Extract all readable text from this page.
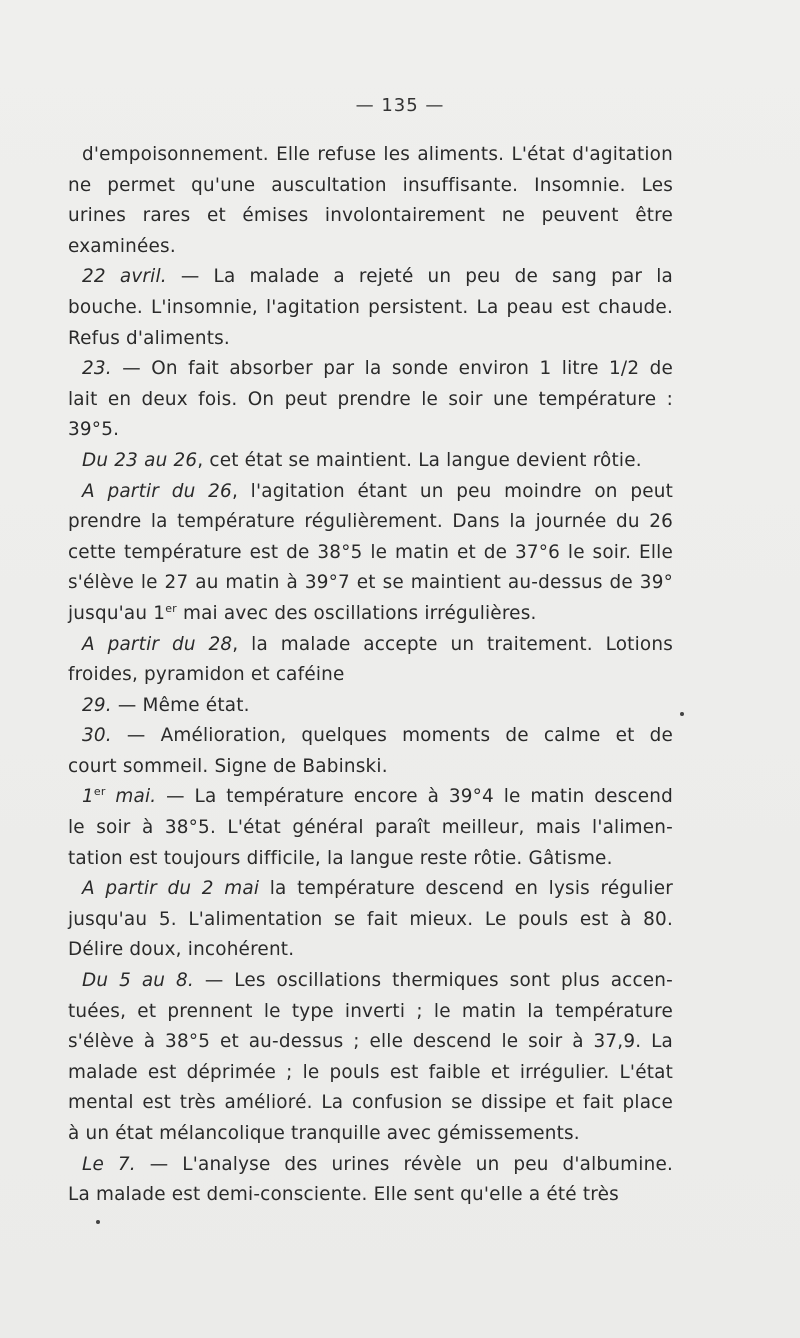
— 135 —
d'empoisonnement. Elle refuse les aliments. L'état d'agitation
ne permet qu'une auscultation insuffisante. Insomnie. Les
urines rares et émises involontairement ne peuvent être
examinées.
22 avril. — La malade a rejeté un peu de sang par la
bouche. L'insomnie, l'agitation persistent. La peau est chaude.
Refus d'aliments.
23. — On fait absorber par la sonde environ 1 litre 1/2 de
lait en deux fois. On peut prendre le soir une température :
39°5.
Du 23 au 26, cet état se maintient. La langue devient rôtie.
A partir du 26, l'agitation étant un peu moindre on peut
prendre la température régulièrement. Dans la journée du 26
cette température est de 38°5 le matin et de 37°6 le soir. Elle
s'élève le 27 au matin à 39°7 et se maintient au-dessus de 39°
jusqu'au 1er mai avec des oscillations irrégulières.
A partir du 28, la malade accepte un traitement. Lotions
froides, pyramidon et caféine
29. — Même état.
30. — Amélioration, quelques moments de calme et de
court sommeil. Signe de Babinski.
1er mai. — La température encore à 39°4 le matin descend
le soir à 38°5. L'état général paraît meilleur, mais l'alimen-
tation est toujours difficile, la langue reste rôtie. Gâtisme.
A partir du 2 mai la température descend en lysis régulier
jusqu'au 5. L'alimentation se fait mieux. Le pouls est à 80.
Délire doux, incohérent.
Du 5 au 8. — Les oscillations thermiques sont plus accen-
tuées, et prennent le type inverti ; le matin la température
s'élève à 38°5 et au-dessus ; elle descend le soir à 37,9. La
malade est déprimée ; le pouls est faible et irrégulier. L'état
mental est très amélioré. La confusion se dissipe et fait place
à un état mélancolique tranquille avec gémissements.
Le 7. — L'analyse des urines révèle un peu d'albumine.
La malade est demi-consciente. Elle sent qu'elle a été très
